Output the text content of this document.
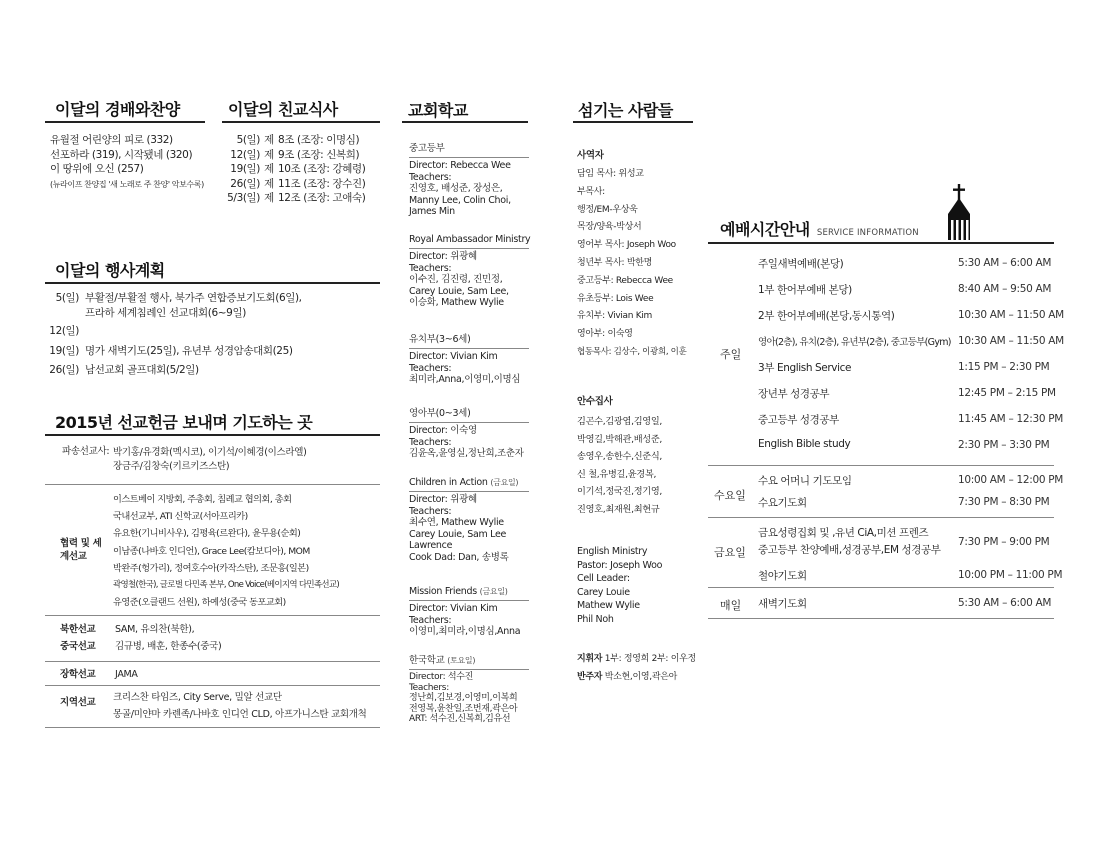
이달의 경배와찬양
유월절 어린양의 피로 (332)
선포하라 (319), 시작됐네 (320)
이 땅위에 오신 (257)
(뉴라이프 찬양집 '새 노래로 주 찬양' 악보수록)
이달의 친교식사
5(일) 제 8조 (조장: 이명심)
12(일) 제 9조 (조장: 신복희)
19(일) 제 10조 (조장: 강혜령)
26(일) 제 11조 (조장: 장수진)
5/3(일) 제 12조 (조장: 고애숙)
이달의 행사계획
5(일) 부활절/부활절 행사, 북가주 연합증보기도회(6일),
프라하 세계침례인 선교대회(6~9일)
12(일)
19(일) 명가 새벽기도(25일), 유년부 성경암송대회(25)
26(일) 남선교회 골프대회(5/2일)
2015년 선교헌금 보내며 기도하는 곳
파송선교사: 박기홍/유경화(멕시코), 이기석/이혜경(이스라엘)
장금주/김창숙(키르키즈스탄)
협력 및 세계선교
이스트베이 지방회, 주총회, 침례교 협의회, 총회
국내선교부, ATI 신학교(서아프리카)
유요한(기니비사우), 김평육(르완다), 윤무용(순회)
이남종(나바호 인디언), Grace Lee(캄보디아), MOM
박완주(헝가리), 정여호수아(카작스탄), 조문흥(일본)
곽영철(한국), 글로벌 다민족 본부, One Voice(베이지역 다민족선교)
유영준(오클랜드 선원), 하예성(중국 동포교회)
북한선교 SAM, 유의찬(북한),
중국선교 김규병, 배훈, 한종수(중국)
장학선교 JAMA
지역선교 크리스찬 타임즈, City Serve, 밀알 선교단
몽골/미얀마 카렌족/나바호 인디언 CLD, 아프가니스탄 교회개척
교회학교
중고등부
Director: Rebecca Wee
Teachers:
진영호, 배성준, 장성은,
Manny Lee, Colin Choi,
James Min
Royal Ambassador Ministry
Director: 위광혜
Teachers:
이수진, 김진령, 진민정,
Carey Louie, Sam Lee,
이승화, Mathew Wylie
유치부(3~6세)
Director: Vivian Kim
Teachers:
최미라,Anna,이영미,이명심
영아부(0~3세)
Director: 이숙영
Teachers:
김윤옥,윤영실,정난희,조춘자
Children in Action (금요일)
Director: 위광혜
Teachers:
최수연, Mathew Wylie
Carey Louie, Sam Lee
Lawrence
Cook Dad: Dan, 송병록
Mission Friends (금요일)
Director: Vivian Kim
Teachers:
이영미,최미라,이명심,Anna
한국학교 (토요일)
Director: 석수진
Teachers:
정난희,김보경,이영미,이복희
전영복,윤찬일,조번재,곽은아
ART: 석수진,신복희,김유선
섬기는 사람들
사역자
담임 목사: 위성교
부목사:
행정/EM-우상욱
목장/양육-박상서
영어부 목사: Joseph Woo
청년부 목사: 박한명
중고등부: Rebecca Wee
유초등부: Lois Wee
유치부: Vivian Kim
영아부: 이숙영
협동목사: 김상수, 이광희, 이훈
안수집사
김곤수,김광엽,김영일,
박영길,박해관,배성준,
송영우,송한수,신준식,
신 철,유병길,윤경복,
이기석,정국진,정기영,
진영호,최재원,최현규
English Ministry
Pastor: Joseph Woo
Cell Leader:
Carey Louie
Mathew Wylie
Phil Noh
지휘자 1부: 정영희 2부: 이우정
반주자 박소현,이영,곽은아
예배시간안내 SERVICE INFORMATION
주일
주일새벽예배(본당)	5:30 AM – 6:00 AM
1부 한어부예배 본당)	8:40 AM – 9:50 AM
2부 한어부예배(본당,동시통역)	10:30 AM – 11:50 AM
영아(2층), 유치(2층), 유년부(2층), 중고등부(Gym) 10:30 AM – 11:50 AM
3부 English Service	1:15 PM – 2:30 PM
장년부 성경공부	12:45 PM – 2:15 PM
중고등부 성경공부	11:45 AM – 12:30 PM
English Bible study	2:30 PM – 3:30 PM
수요일
수요 어머니 기도모임	10:00 AM – 12:00 PM
수요기도회	7:30 PM – 8:30 PM
금요일
금요성령집회 및 ,유년 CiA,미션 프렌즈
중고등부 찬양예배,성경공부,EM 성경공부
7:30 PM – 9:00 PM
철야기도회	10:00 PM – 11:00 PM
매일 새벽기도회	5:30 AM – 6:00 AM
